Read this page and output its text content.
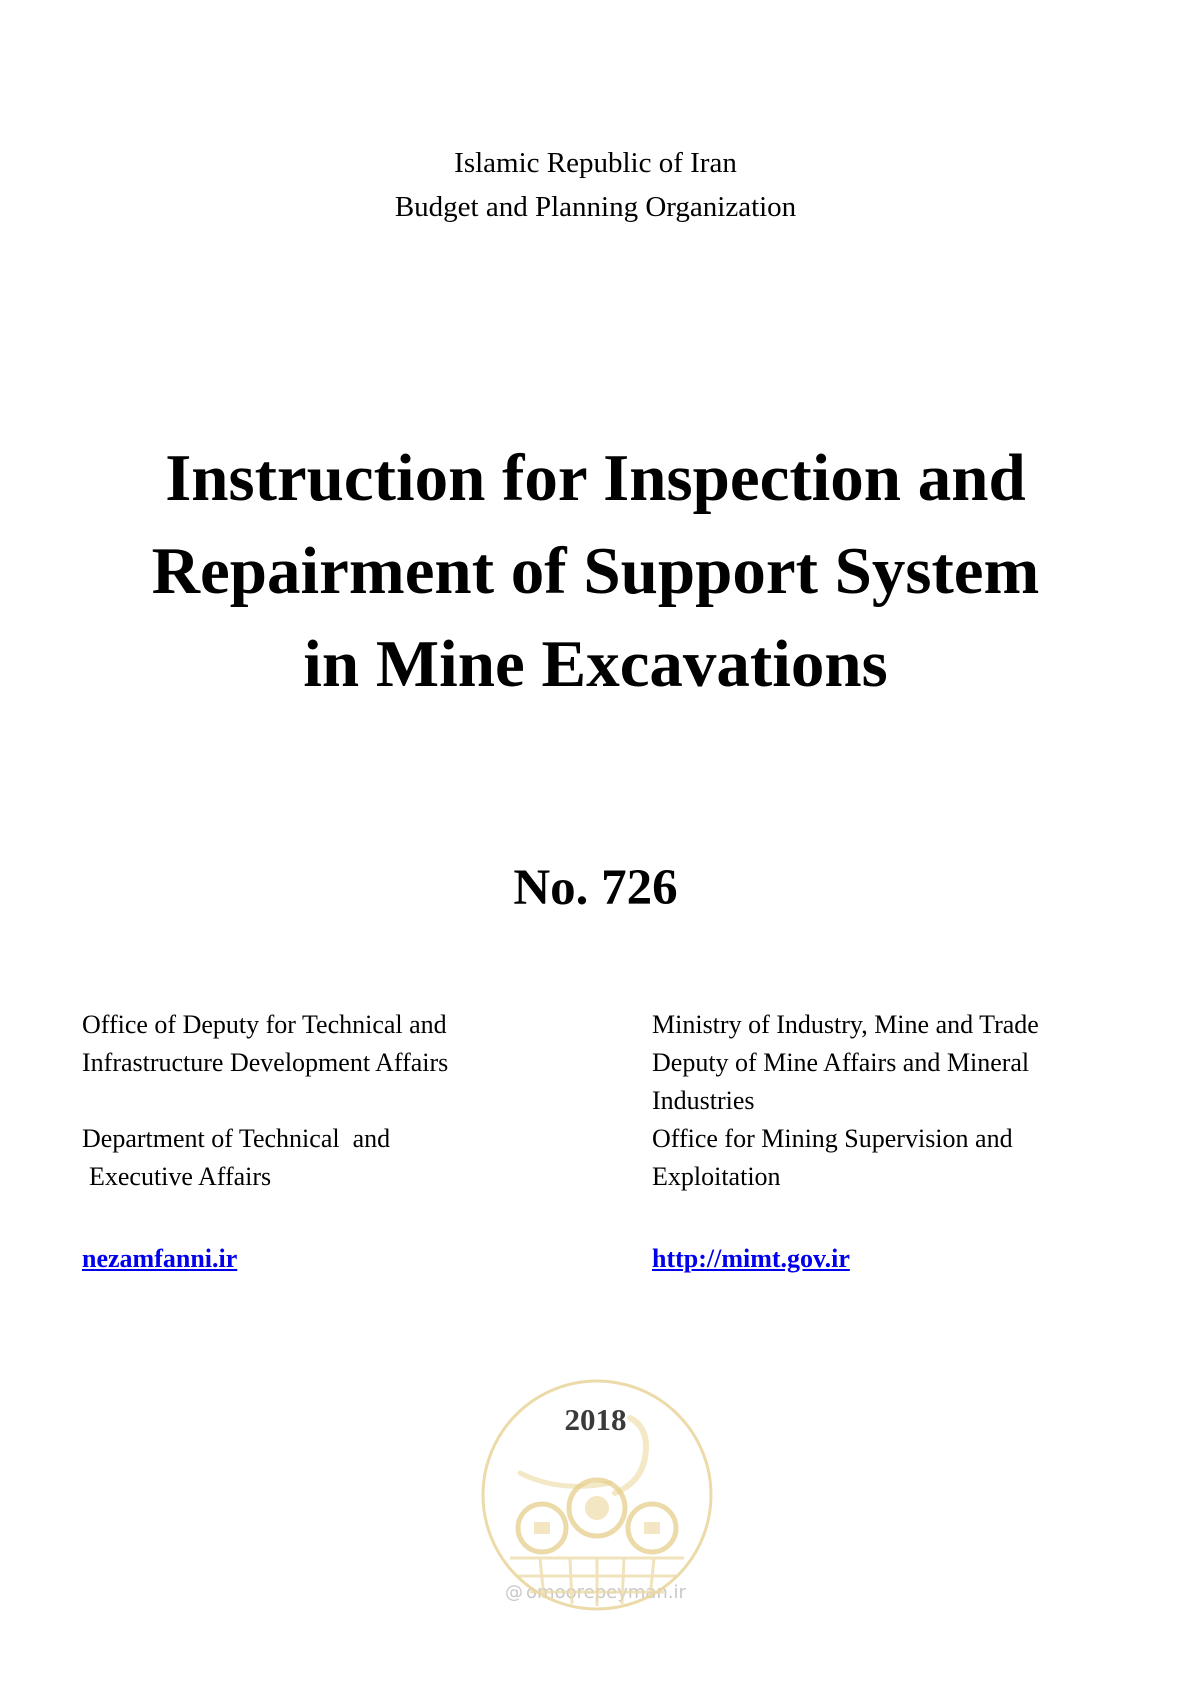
Islamic Republic of Iran
Budget and Planning Organization
Instruction for Inspection and
Repairment of Support System
in Mine Excavations
No. 726
Office of Deputy for Technical and
Infrastructure Development Affairs
Department of Technical  and
Executive Affairs
nezamfanni.ir
Ministry of Industry, Mine and Trade
Deputy of Mine Affairs and Mineral
Industries
Office for Mining Supervision and
Exploitation
http://mimt.gov.ir
2018
@ omoorepeyman.ir
